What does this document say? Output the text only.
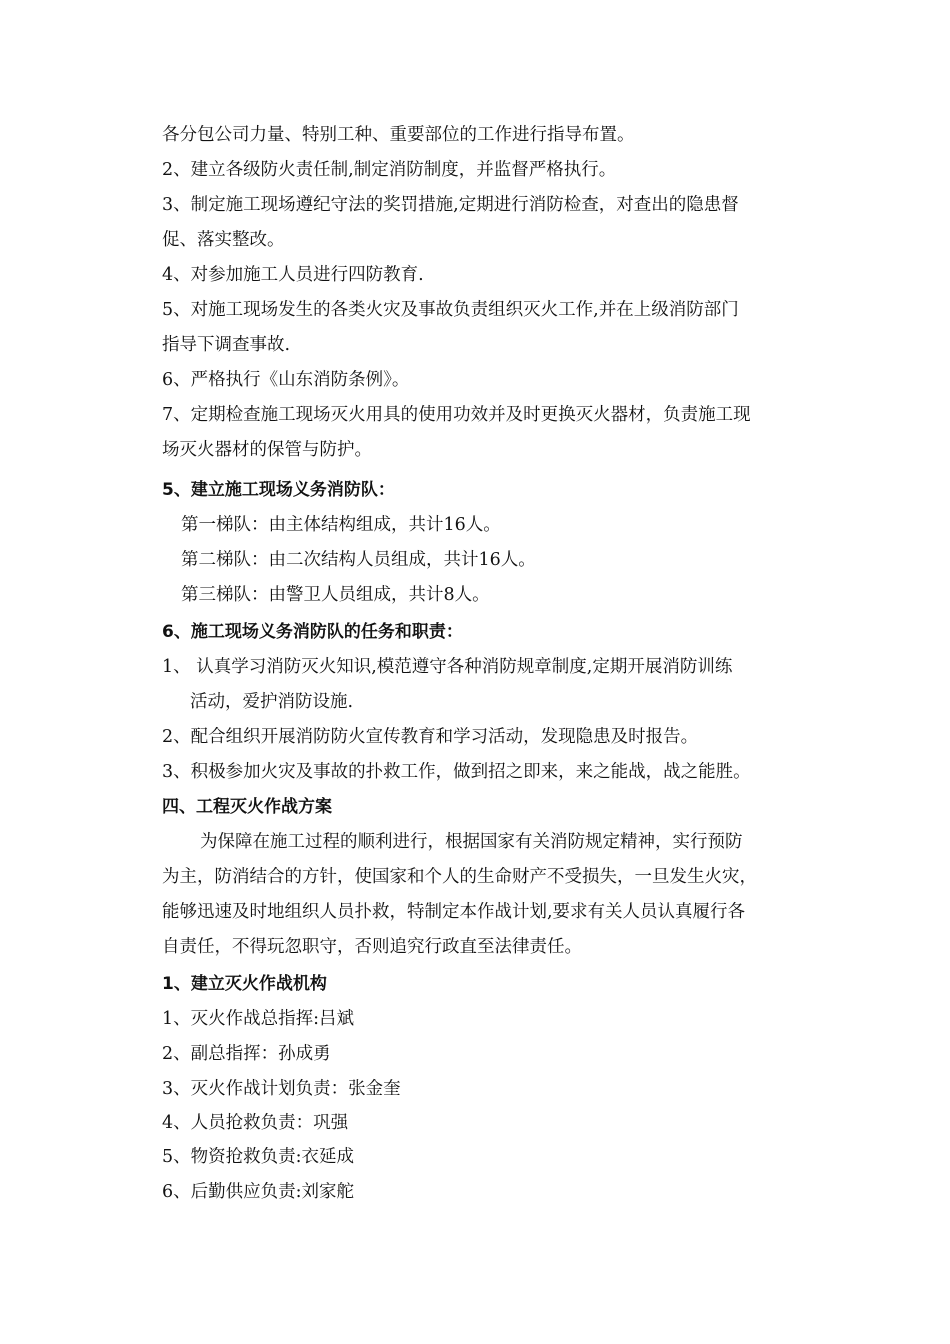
各分包公司力量、特别工种、重要部位的工作进行指导布置。
2、建立各级防火责任制,制定消防制度，并监督严格执行。
3、制定施工现场遵纪守法的奖罚措施,定期进行消防检查，对查出的隐患督
促、落实整改。
4、对参加施工人员进行四防教育.
5、对施工现场发生的各类火灾及事故负责组织灭火工作,并在上级消防部门
指导下调查事故.
6、严格执行《山东消防条例》。
7、定期检查施工现场灭火用具的使用功效并及时更换灭火器材，负责施工现
场灭火器材的保管与防护。
5、建立施工现场义务消防队：
第一梯队：由主体结构组成，共计16人。
第二梯队：由二次结构人员组成，共计16人。
第三梯队：由警卫人员组成，共计8人。
6、施工现场义务消防队的任务和职责：
1、 认真学习消防灭火知识,模范遵守各种消防规章制度,定期开展消防训练
活动，爱护消防设施.
2、配合组织开展消防防火宣传教育和学习活动，发现隐患及时报告。
3、积极参加火灾及事故的扑救工作，做到招之即来，来之能战，战之能胜。
四、工程灭火作战方案
为保障在施工过程的顺利进行，根据国家有关消防规定精神，实行预防
为主，防消结合的方针，使国家和个人的生命财产不受损失，一旦发生火灾，
能够迅速及时地组织人员扑救，特制定本作战计划,要求有关人员认真履行各
自责任，不得玩忽职守，否则追究行政直至法律责任。
1、建立灭火作战机构
1、灭火作战总指挥:吕斌
2、副总指挥：孙成勇
3、灭火作战计划负责：张金奎
4、人员抢救负责：巩强
5、物资抢救负责:衣延成
6、后勤供应负责:刘家舵
